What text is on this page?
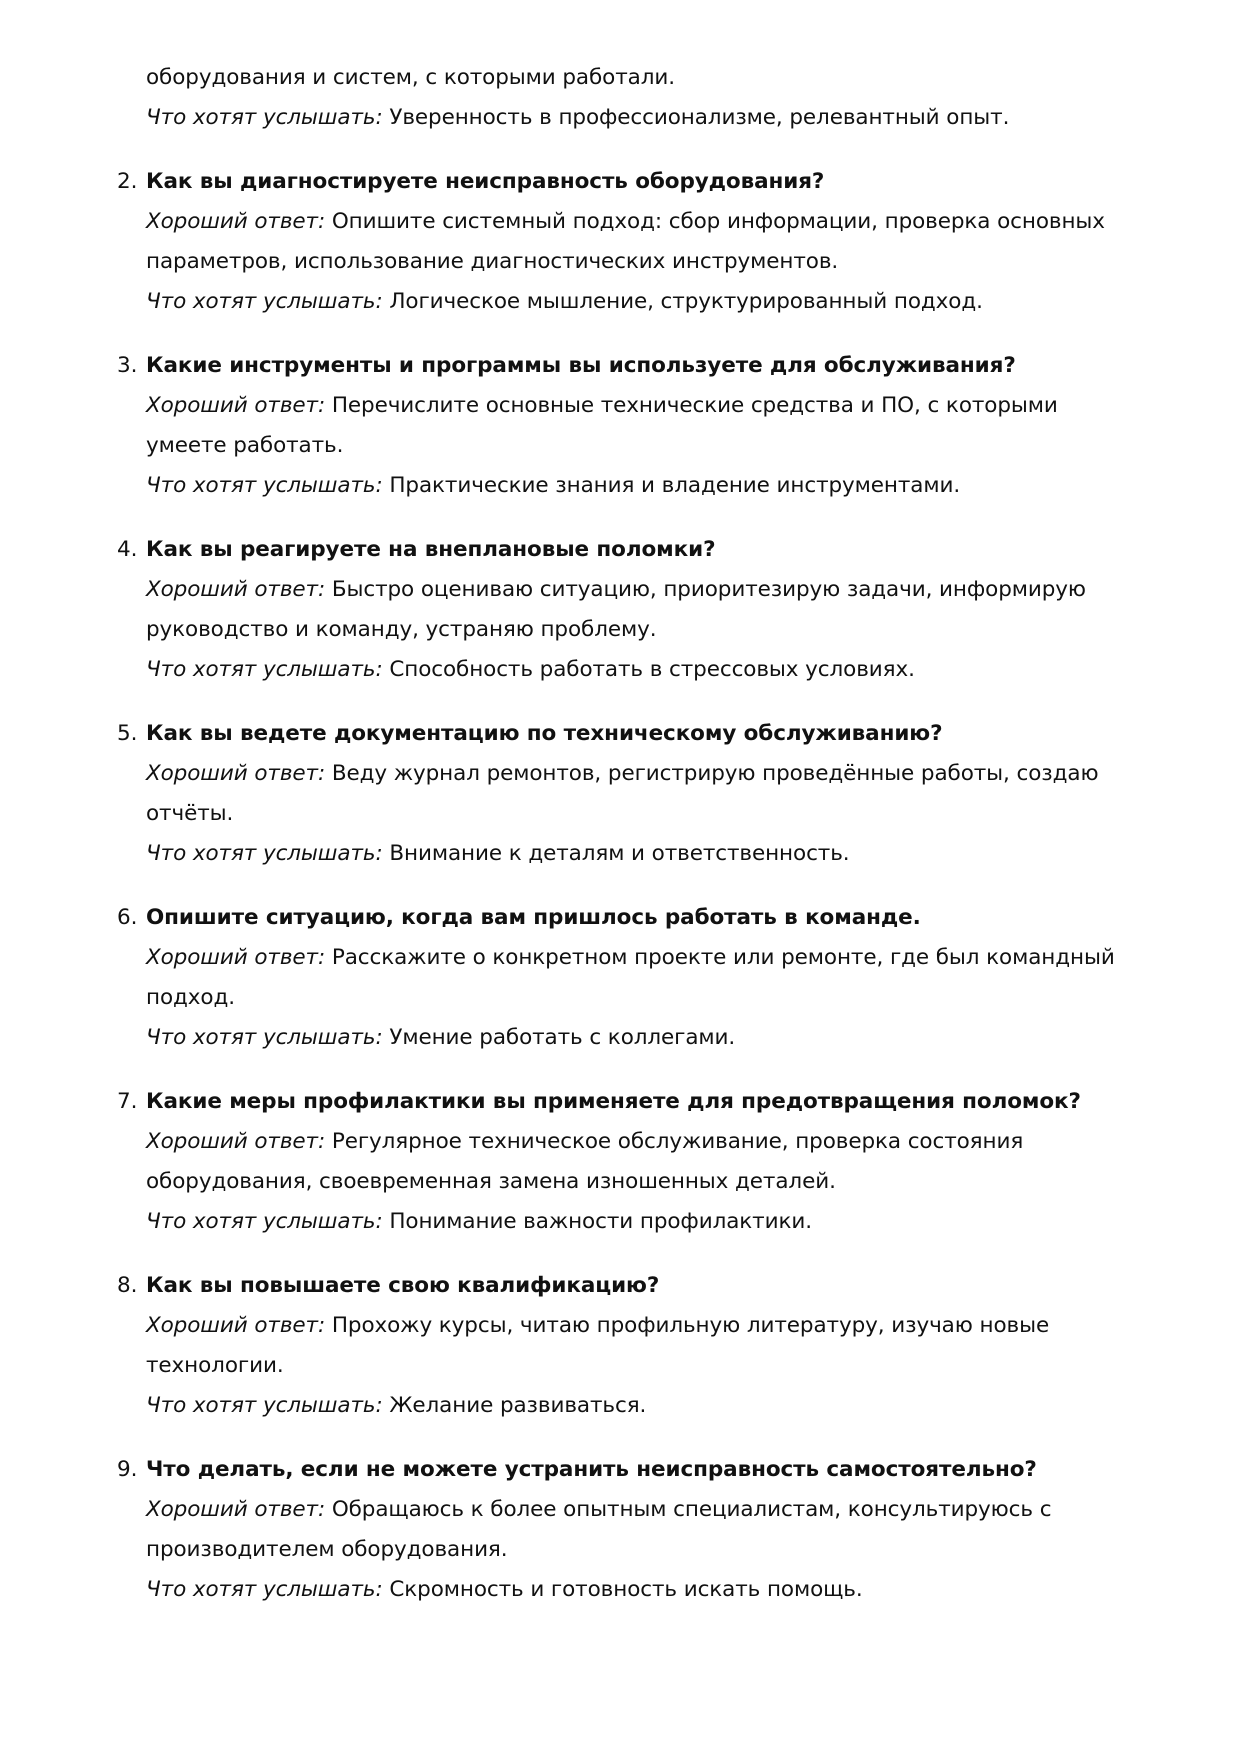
оборудования и систем, с которыми работали.

Что хотят услышать: Уверенность в профессионализме, релевантный опыт.

2. Как вы диагностируете неисправность оборудования?

Хороший ответ: Опишите системный подход: сбор информации, проверка основных

параметров, использование диагностических инструментов.

Что хотят услышать: Логическое мышление, структурированный подход.

3. Какие инструменты и программы вы используете для обслуживания?

Хороший ответ: Перечислите основные технические средства и ПО, с которыми

умеете работать.

Что хотят услышать: Практические знания и владение инструментами.

4. Как вы реагируете на внеплановые поломки?

Хороший ответ: Быстро оцениваю ситуацию, приоритезирую задачи, информирую

руководство и команду, устраняю проблему.

Что хотят услышать: Способность работать в стрессовых условиях.

5. Как вы ведете документацию по техническому обслуживанию?

Хороший ответ: Веду журнал ремонтов, регистрирую проведённые работы, создаю

отчёты.

Что хотят услышать: Внимание к деталям и ответственность.

6. Опишите ситуацию, когда вам пришлось работать в команде.

Хороший ответ: Расскажите о конкретном проекте или ремонте, где был командный

подход.

Что хотят услышать: Умение работать с коллегами.

7. Какие меры профилактики вы применяете для предотвращения поломок?

Хороший ответ: Регулярное техническое обслуживание, проверка состояния

оборудования, своевременная замена изношенных деталей.

Что хотят услышать: Понимание важности профилактики.

8. Как вы повышаете свою квалификацию?

Хороший ответ: Прохожу курсы, читаю профильную литературу, изучаю новые

технологии.

Что хотят услышать: Желание развиваться.

9. Что делать, если не можете устранить неисправность самостоятельно?

Хороший ответ: Обращаюсь к более опытным специалистам, консультируюсь с

производителем оборудования.

Что хотят услышать: Скромность и готовность искать помощь.
